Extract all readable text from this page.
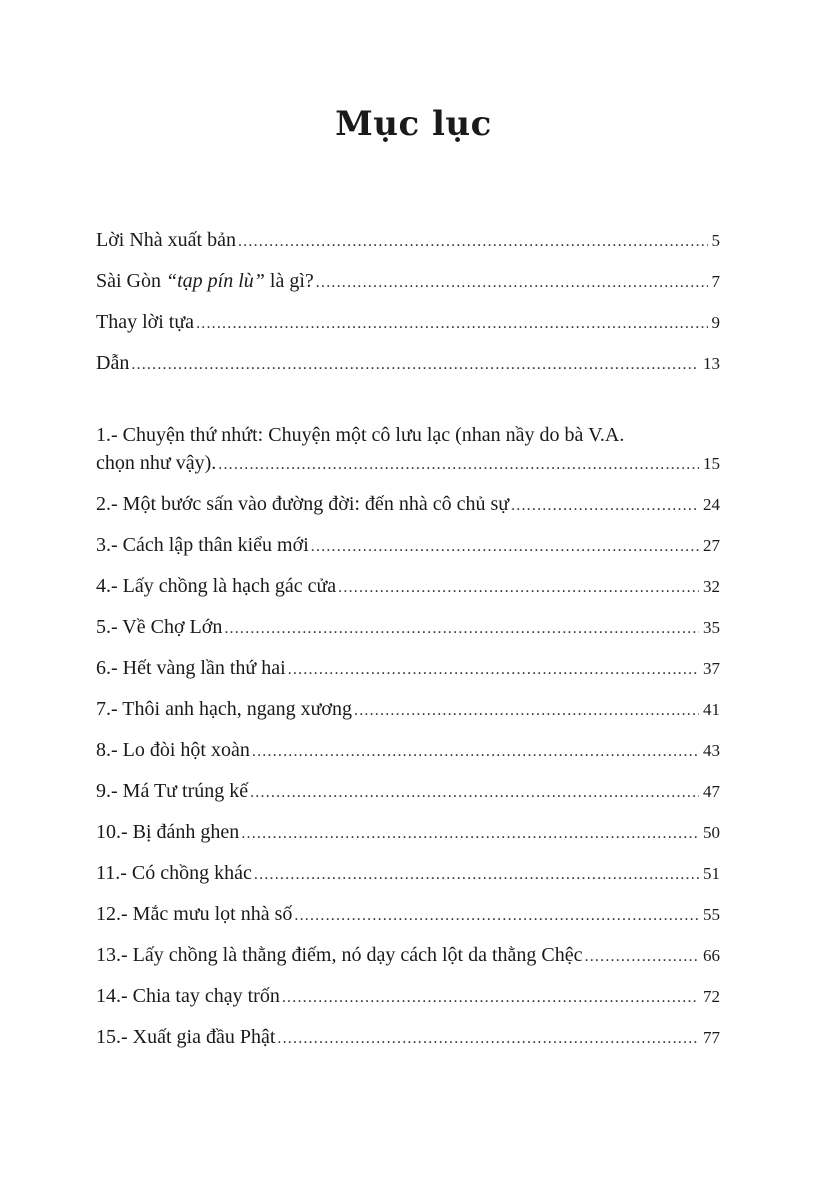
Mục lục
Lời Nhà xuất bản .....	5
Sài Gòn “tạp pín lù” là gì? .....	7
Thay lời tựa .....	9
Dẫn .....	13
1.- Chuyện thứ nhứt: Chuyện một cô lưu lạc (nhan nầy do bà V.A.
chọn như vậy). .....	15
2.- Một bước sấn vào đường đời: đến nhà cô chủ sự .....	24
3.- Cách lập thân kiểu mới .....	27
4.- Lấy chồng là hạch gác cửa .....	32
5.- Về Chợ Lớn .....	35
6.- Hết vàng lần thứ hai .....	37
7.- Thôi anh hạch, ngang xương .....	41
8.- Lo đòi hột xoàn .....	43
9.- Má Tư trúng kế .....	47
10.- Bị đánh ghen .....	50
11.- Có chồng khác .....	51
12.- Mắc mưu lọt nhà số .....	55
13.- Lấy chồng là thằng điếm, nó dạy cách lột da thằng Chệc .....	66
14.- Chia tay chạy trốn .....	72
15.- Xuất gia đầu Phật .....	77
